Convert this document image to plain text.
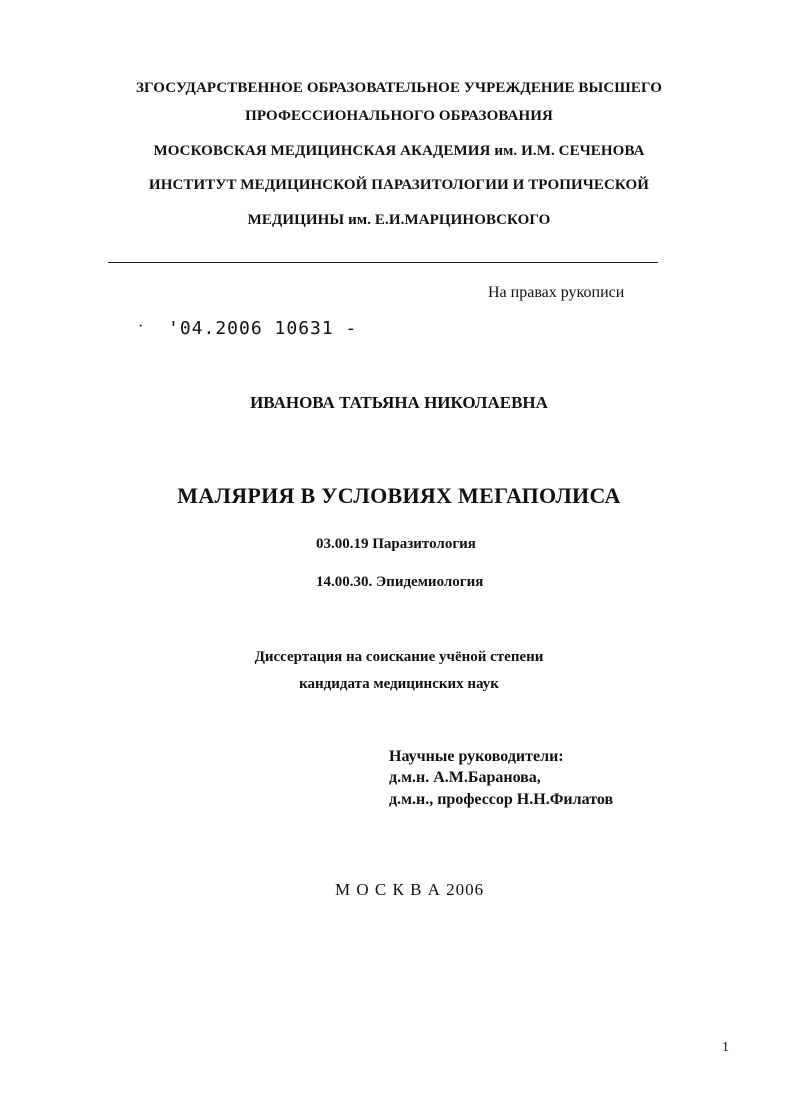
ЗГОСУДАРСТВЕННОЕ ОБРАЗОВАТЕЛЬНОЕ УЧРЕЖДЕНИЕ ВЫСШЕГО
ПРОФЕССИОНАЛЬНОГО ОБРАЗОВАНИЯ
МОСКОВСКАЯ МЕДИЦИНСКАЯ АКАДЕМИЯ им. И.М. СЕЧЕНОВА
ИНСТИТУТ МЕДИЦИНСКОЙ ПАРАЗИТОЛОГИИ И ТРОПИЧЕСКОЙ
МЕДИЦИНЫ им. Е.И.МАРЦИНОВСКОГО
На правах рукописи
· '04.2006 10631 -
ИВАНОВА ТАТЬЯНА НИКОЛАЕВНА
МАЛЯРИЯ В УСЛОВИЯХ МЕГАПОЛИСА
03.00.19 Паразитология
14.00.30. Эпидемиология
Диссертация на соискание учёной степени
кандидата медицинских наук
Научные руководители:
д.м.н. А.М.Баранова,
д.м.н., профессор Н.Н.Филатов
М О С К В А 2006
1
